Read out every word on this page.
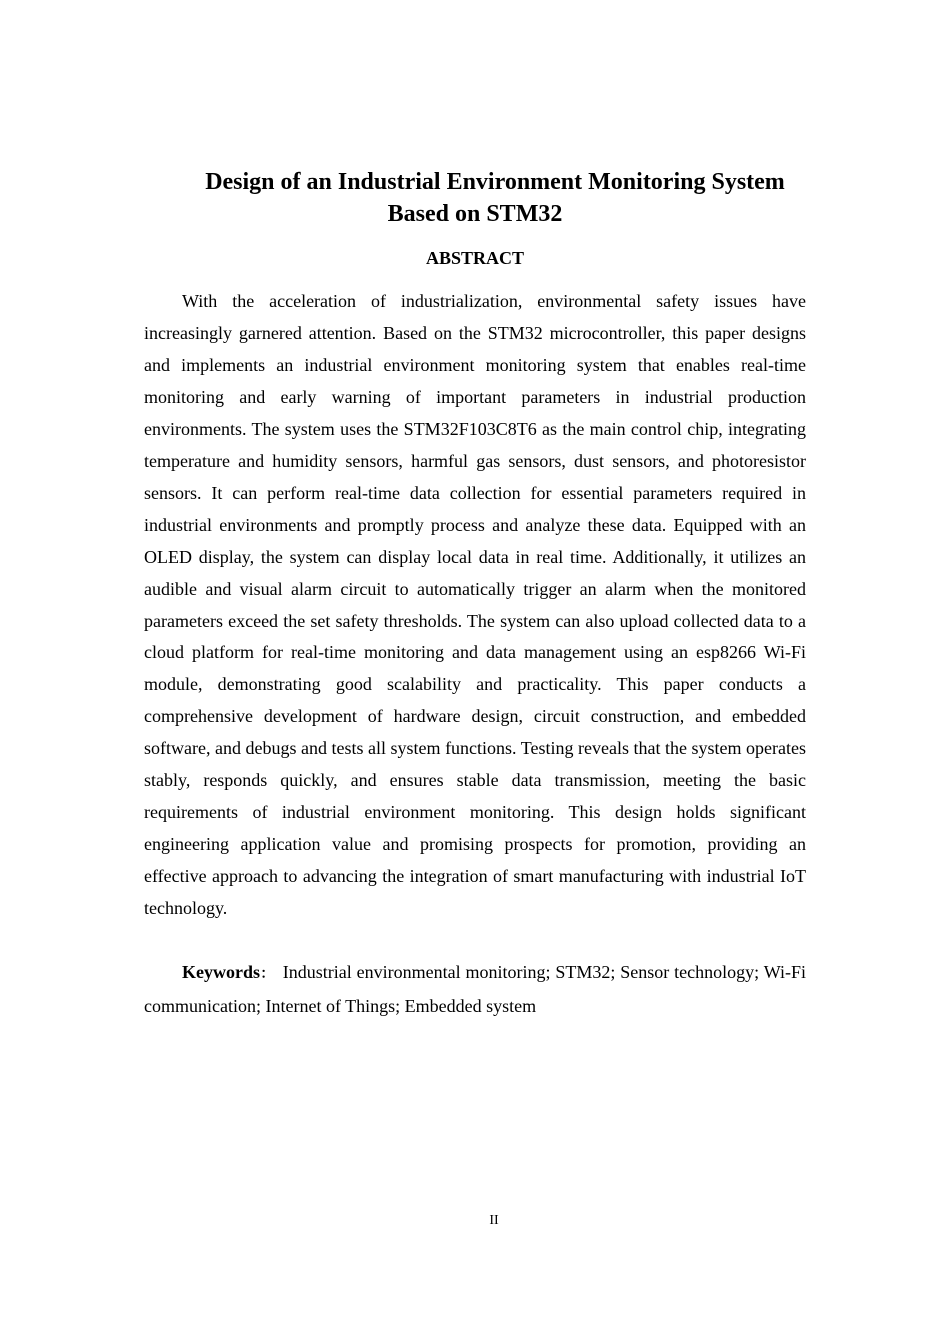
Design of an Industrial Environment Monitoring System
Based on STM32
ABSTRACT

With the acceleration of industrialization, environmental safety issues have increasingly garnered attention. Based on the STM32 microcontroller, this paper designs and implements an industrial environment monitoring system that enables real-time monitoring and early warning of important parameters in industrial production environments. The system uses the STM32F103C8T6 as the main control chip, integrating temperature and humidity sensors, harmful gas sensors, dust sensors, and photoresistor sensors. It can perform real-time data collection for essential parameters required in industrial environments and promptly process and analyze these data. Equipped with an OLED display, the system can display local data in real time. Additionally, it utilizes an audible and visual alarm circuit to automatically trigger an alarm when the monitored parameters exceed the set safety thresholds. The system can also upload collected data to a cloud platform for real-time monitoring and data management using an esp8266 Wi-Fi module, demonstrating good scalability and practicality. This paper conducts a comprehensive development of hardware design, circuit construction, and embedded software, and debugs and tests all system functions. Testing reveals that the system operates stably, responds quickly, and ensures stable data transmission, meeting the basic requirements of industrial environment monitoring. This design holds significant engineering application value and promising prospects for promotion, providing an effective approach to advancing the integration of smart manufacturing with industrial IoT technology.

Keywords： Industrial environmental monitoring; STM32; Sensor technology; Wi-Fi communication; Internet of Things; Embedded system

II
